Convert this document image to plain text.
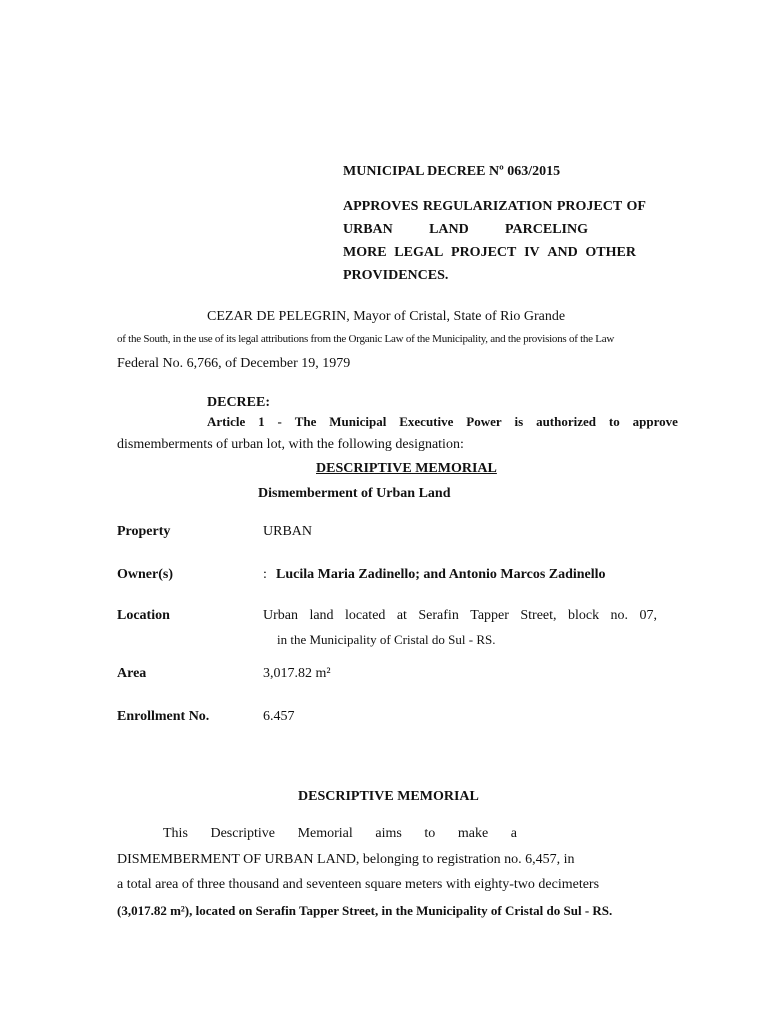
MUNICIPAL DECREE Nº 063/2015

APPROVES REGULARIZATION PROJECT OF
URBAN	LAND	PARCELING
MORE LEGAL PROJECT IV AND OTHER
PROVIDENCES.

CEZAR DE PELEGRIN, Mayor of Cristal, State of Rio Grande

of the South, in the use of its legal attributions from the Organic Law of the Municipality, and the provisions of the Law

Federal No. 6,766, of December 19, 1979

DECREE:

Article 1 - The Municipal Executive Power is authorized to approve

dismemberments of urban lot, with the following designation:

DESCRIPTIVE MEMORIAL

Dismemberment of Urban Land

Property	URBAN

Owner(s)	: Lucila Maria Zadinello; and Antonio Marcos Zadinello

Location	Urban land located at Serafin Tapper Street, block no. 07,

in the Municipality of Cristal do Sul - RS.

Area	3,017.82 m²

Enrollment No.	6.457

DESCRIPTIVE MEMORIAL

This Descriptive Memorial aims to make a

DISMEMBERMENT OF URBAN LAND, belonging to registration no. 6,457, in

a total area of three thousand and seventeen square meters with eighty-two decimeters

(3,017.82 m²), located on Serafin Tapper Street, in the Municipality of Cristal do Sul - RS.
